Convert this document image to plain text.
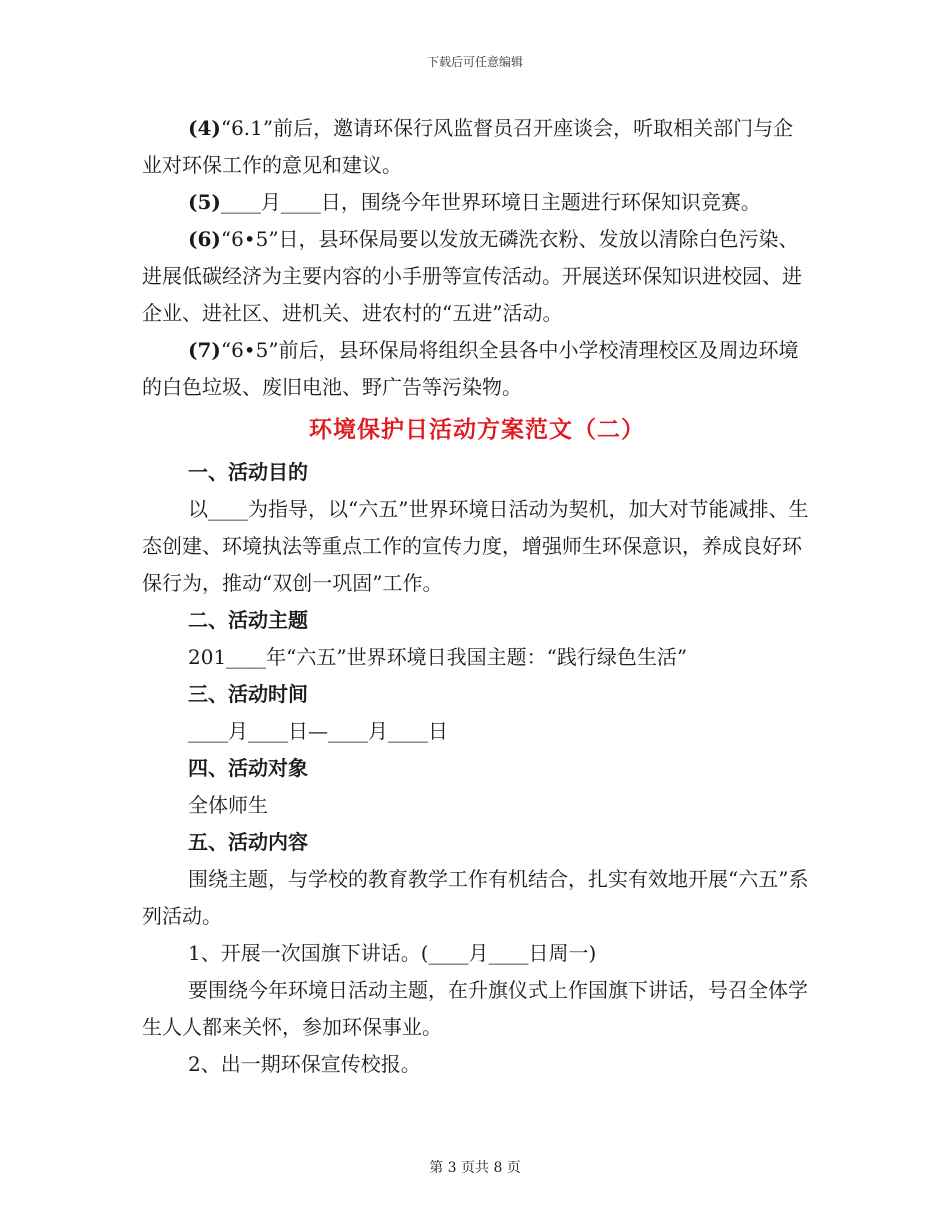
下载后可任意编辑

(4)“6.1”前后，邀请环保行风监督员召开座谈会，听取相关部门与企业对环保工作的意见和建议。

(5)____月____日，围绕今年世界环境日主题进行环保知识竞赛。

(6)“6•5”日，县环保局要以发放无磷洗衣粉、发放以清除白色污染、进展低碳经济为主要内容的小手册等宣传活动。开展送环保知识进校园、进企业、进社区、进机关、进农村的“五进”活动。

(7)“6•5”前后，县环保局将组织全县各中小学校清理校区及周边环境的白色垃圾、废旧电池、野广告等污染物。

环境保护日活动方案范文（二）
一、活动目的

以____为指导，以“六五”世界环境日活动为契机，加大对节能减排、生态创建、环境执法等重点工作的宣传力度，增强师生环保意识，养成良好环保行为，推动“双创一巩固”工作。

二、活动主题

201____年“六五”世界环境日我国主题：“践行绿色生活”

三、活动时间

____月____日—____月____日

四、活动对象

全体师生

五、活动内容

围绕主题，与学校的教育教学工作有机结合，扎实有效地开展“六五”系列活动。

1、开展一次国旗下讲话。(____月____日周一)

要围绕今年环境日活动主题，在升旗仪式上作国旗下讲话，号召全体学生人人都来关怀，参加环保事业。

2、出一期环保宣传校报。

第 3 页共 8 页
